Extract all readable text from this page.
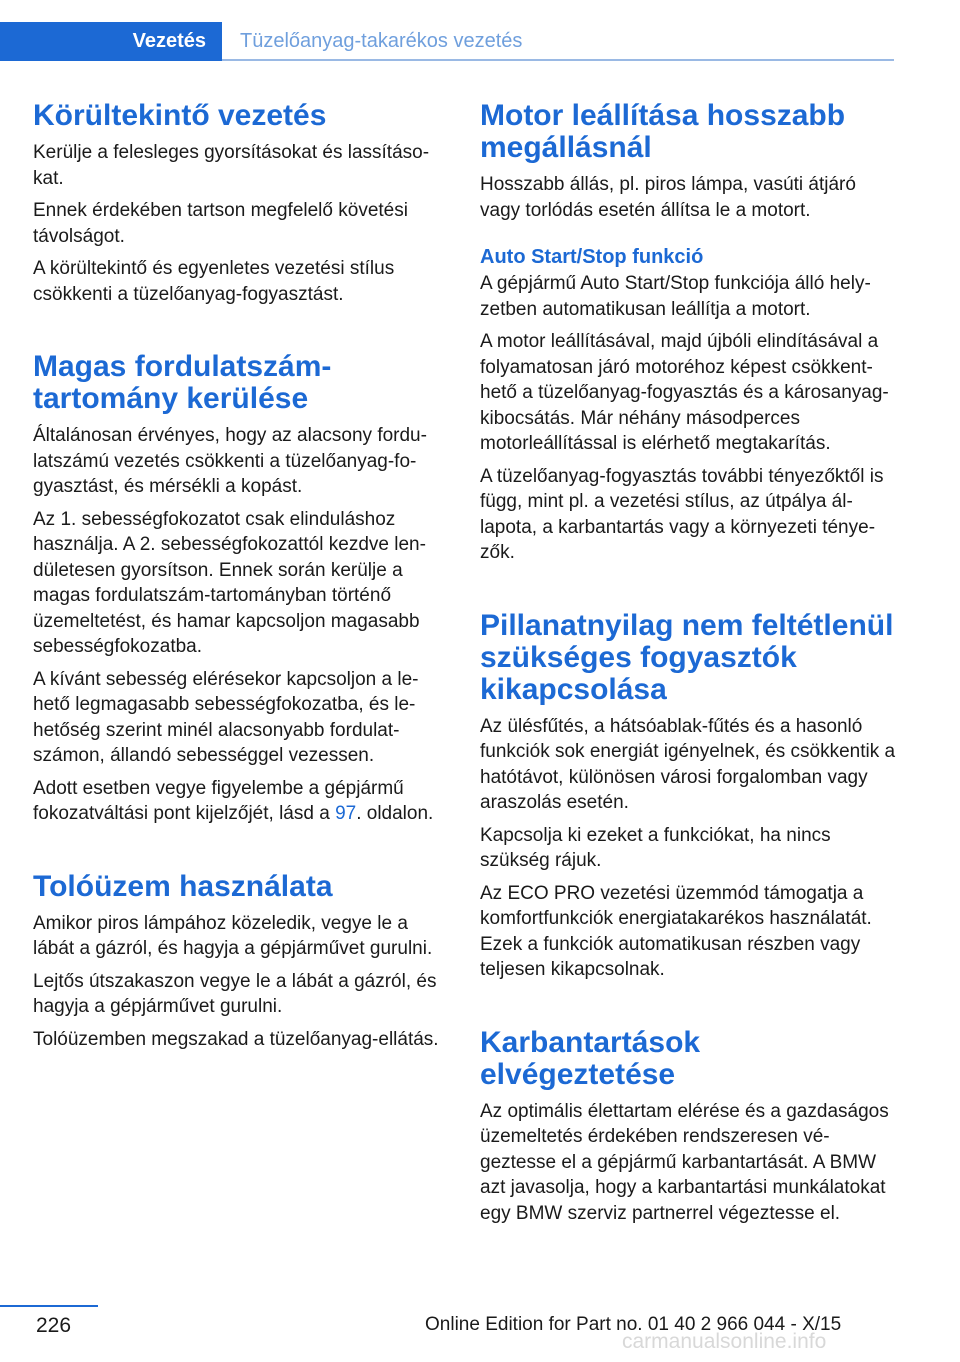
Vezetés	Tüzelőanyag-takarékos vezetés
Körültekintő vezetés

Kerülje a felesleges gyorsításokat és lassításokat.

Ennek érdekében tartson megfelelő követési távolságot.

A körültekintő és egyenletes vezetési stílus csökkenti a tüzelőanyag-fogyasztást.

Magas fordulatszám-tartomány kerülése

Általánosan érvényes, hogy az alacsony fordulatszámú vezetés csökkenti a tüzelőanyag-fogyasztást, és mérsékli a kopást.

Az 1. sebességfokozatot csak elinduláshoz használja. A 2. sebességfokozattól kezdve lendületesen gyorsítson. Ennek során kerülje a magas fordulatszám-tartományban történő üzemeltetést, és hamar kapcsoljon magasabb sebességfokozatba.

A kívánt sebesség elérésekor kapcsoljon a lehető legmagasabb sebességfokozatba, és lehetőség szerint minél alacsonyabb fordulatszámon, állandó sebességgel vezessen.

Adott esetben vegye figyelembe a gépjármű fokozatváltási pont kijelzőjét, lásd a 97. oldalon.

Tolóüzem használata

Amikor piros lámpához közeledik, vegye le a lábát a gázról, és hagyja a gépjárművet gurulni.

Lejtős útszakaszon vegye le a lábát a gázról, és hagyja a gépjárművet gurulni.

Tolóüzemben megszakad a tüzelőanyag-ellátás.

Motor leállítása hosszabb megállásnál

Hosszabb állás, pl. piros lámpa, vasúti átjáró vagy torlódás esetén állítsa le a motort.

Auto Start/Stop funkció

A gépjármű Auto Start/Stop funkciója álló helyzetben automatikusan leállítja a motort.

A motor leállításával, majd újbóli elindításával a folyamatosan járó motoréhoz képest csökkenthető a tüzelőanyag-fogyasztás és a károsanyag-kibocsátás. Már néhány másodperces motorleállítással is elérhető megtakarítás.

A tüzelőanyag-fogyasztás további tényezőktől is függ, mint pl. a vezetési stílus, az útpálya állapota, a karbantartás vagy a környezeti tényezők.

Pillanatnyilag nem feltétlenül szükséges fogyasztók kikapcsolása

Az ülésfűtés, a hátsóablak-fűtés és a hasonló funkciók sok energiát igényelnek, és csökkentik a hatótávot, különösen városi forgalomban vagy araszolás esetén.

Kapcsolja ki ezeket a funkciókat, ha nincs szükség rájuk.

Az ECO PRO vezetési üzemmód támogatja a komfortfunkciók energiatakarékos használatát. Ezek a funkciók automatikusan részben vagy teljesen kikapcsolnak.

Karbantartások elvégeztetése

Az optimális élettartam elérése és a gazdaságos üzemeltetés érdekében rendszeresen végeztesse el a gépjármű karbantartását. A BMW azt javasolja, hogy a karbantartási munkálatokat egy BMW szerviz partnerrel végeztesse el.

226	Online Edition for Part no. 01 40 2 966 044 - X/15
carmanualsonline.info
